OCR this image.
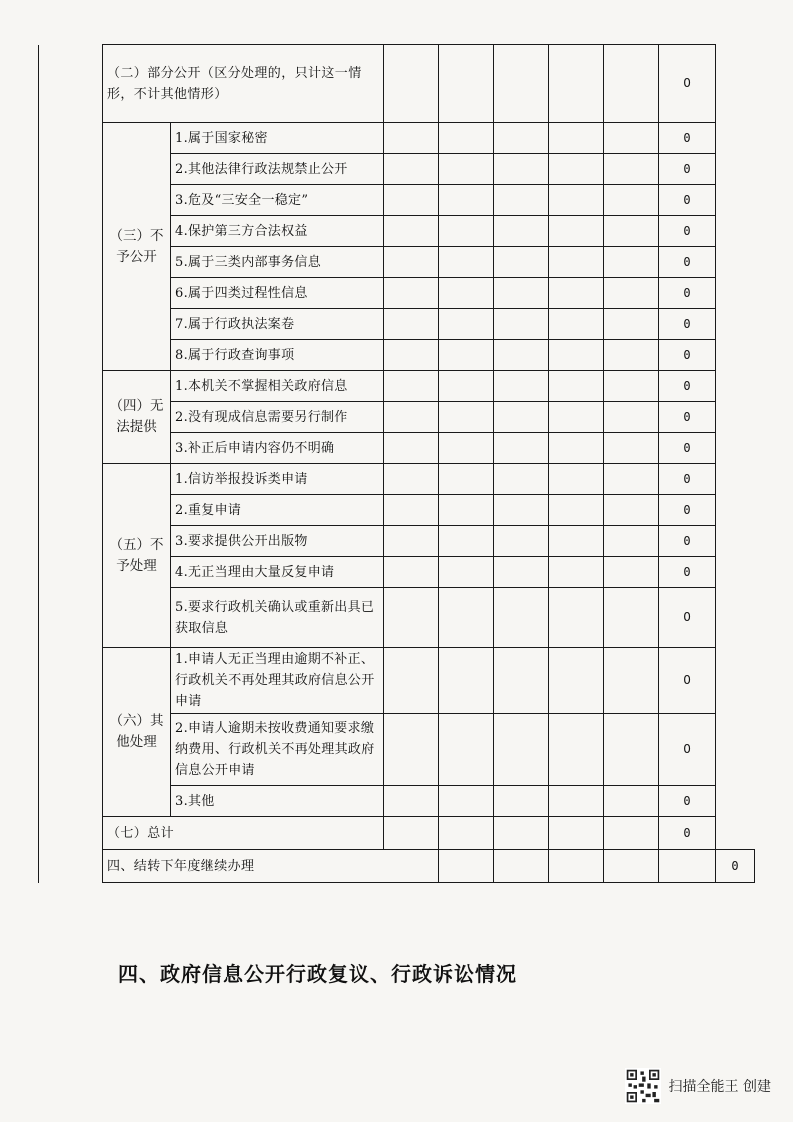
	（二）部分公开（区分处理的，只计这一情形，不计其他情形）							0	
	（三）不予公开	1.属于国家秘密						0	
		2.其他法律行政法规禁止公开						0	
		3.危及“三安全一稳定”						0	
		4.保护第三方合法权益						0	
		5.属于三类内部事务信息						0	
		6.属于四类过程性信息						0	
		7.属于行政执法案卷						0	
		8.属于行政查询事项						0	
	（四）无法提供	1.本机关不掌握相关政府信息						0	
		2.没有现成信息需要另行制作						0	
		3.补正后申请内容仍不明确						0	
	（五）不予处理	1.信访举报投诉类申请						0	
		2.重复申请						0	
		3.要求提供公开出版物						0	
		4.无正当理由大量反复申请						0	
		5.要求行政机关确认或重新出具已获取信息						0	
	（六）其他处理	1.申请人无正当理由逾期不补正、行政机关不再处理其政府信息公开申请						0	
		2.申请人逾期未按收费通知要求缴纳费用、行政机关不再处理其政府信息公开申请						0	
		3.其他						0	
	（七）总计							0	
	四、结转下年度继续办理								0
四、政府信息公开行政复议、行政诉讼情况
扫描全能王 创建
